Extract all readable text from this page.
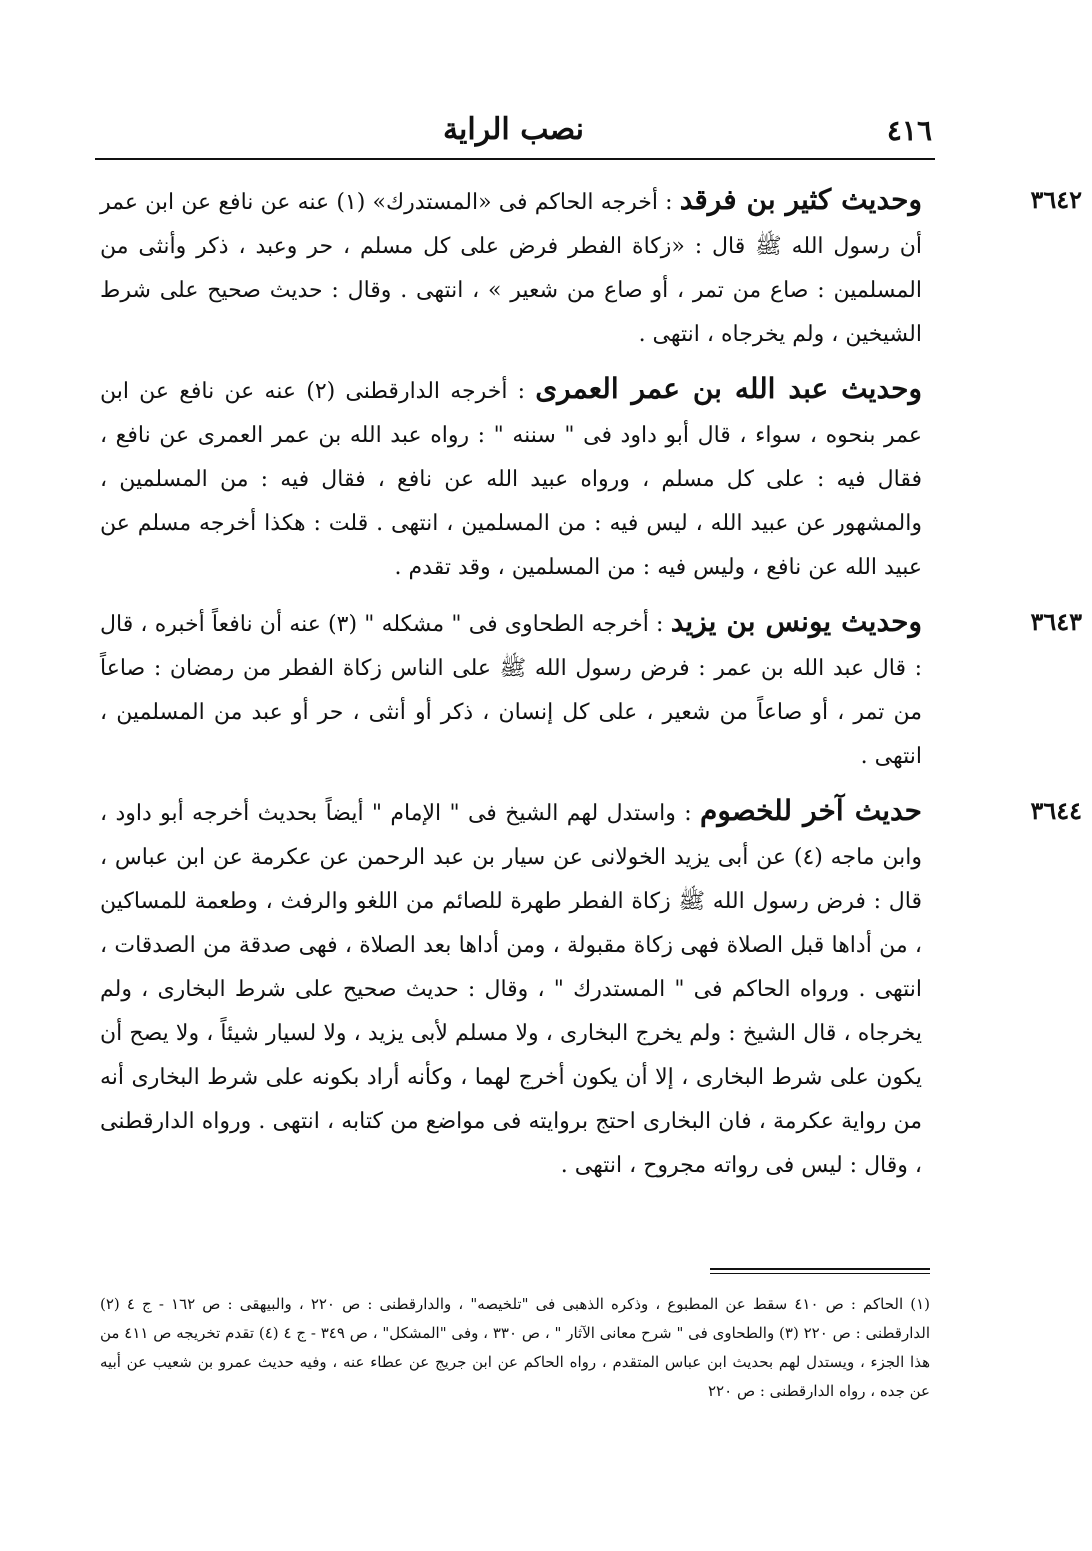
٤١٦
نصب الراية
٣٦٤٢
وحديث كثير بن فرقد : أخرجه الحاكم فى «المستدرك» (١) عنه عن نافع عن ابن عمر أن رسول الله ﷺ قال : «زكاة الفطر فرض على كل مسلم ، حر وعبد ، ذكر وأنثى من المسلمين : صاع من تمر ، أو صاع من شعير » ، انتهى . وقال : حديث صحيح على شرط الشيخين ، ولم يخرجاه ، انتهى .
وحديث عبد الله بن عمر العمرى : أخرجه الدارقطنى (٢) عنه عن نافع عن ابن عمر بنحوه ، سواء ، قال أبو داود فى " سننه " : رواه عبد الله بن عمر العمرى عن نافع ، فقال فيه : على كل مسلم ، ورواه عبيد الله عن نافع ، فقال فيه : من المسلمين ، والمشهور عن عبيد الله ، ليس فيه : من المسلمين ، انتهى . قلت : هكذا أخرجه مسلم عن عبيد الله عن نافع ، وليس فيه : من المسلمين ، وقد تقدم .
٣٦٤٣
وحديث يونس بن يزيد : أخرجه الطحاوى فى " مشكله " (٣) عنه أن نافعاً أخبره ، قال : قال عبد الله بن عمر : فرض رسول الله ﷺ على الناس زكاة الفطر من رمضان : صاعاً من تمر ، أو صاعاً من شعير ، على كل إنسان ، ذكر أو أنثى ، حر أو عبد من المسلمين ، انتهى .
٣٦٤٤
حديث آخر للخصوم : واستدل لهم الشيخ فى " الإمام " أيضاً بحديث أخرجه أبو داود ، وابن ماجه (٤) عن أبى يزيد الخولانى عن سيار بن عبد الرحمن عن عكرمة عن ابن عباس ، قال : فرض رسول الله ﷺ زكاة الفطر طهرة للصائم من اللغو والرفث ، وطعمة للمساكين ، من أداها قبل الصلاة فهى زكاة مقبولة ، ومن أداها بعد الصلاة ، فهى صدقة من الصدقات ، انتهى . ورواه الحاكم فى " المستدرك " ، وقال : حديث صحيح على شرط البخارى ، ولم يخرجاه ، قال الشيخ : ولم يخرج البخارى ، ولا مسلم لأبى يزيد ، ولا لسيار شيئاً ، ولا يصح أن يكون على شرط البخارى ، إلا أن يكون أخرج لهما ، وكأنه أراد بكونه على شرط البخارى أنه من رواية عكرمة ، فان البخارى احتج بروايته فى مواضع من كتابه ، انتهى . ورواه الدارقطنى ، وقال : ليس فى رواته مجروح ، انتهى .

(١) الحاكم : ص ٤١٠ سقط عن المطبوع ، وذكره الذهبى فى "تلخيصه" ، والدارقطنى : ص ٢٢٠ ، والبيهقى : ص ١٦٢ - ج ٤ (٢) الدارقطنى : ص ٢٢٠ (٣) والطحاوى فى " شرح معانى الآثار " ، ص ٣٣٠ ، وفى "المشكل" ، ص ٣٤٩ - ج ٤ (٤) تقدم تخريجه ص ٤١١ من هذا الجزء ، ويستدل لهم بحديث ابن عباس المتقدم ، رواه الحاكم عن ابن جريج عن عطاء عنه ، وفيه حديث عمرو بن شعيب عن أبيه عن جده ، رواه الدارقطنى : ص ٢٢٠
